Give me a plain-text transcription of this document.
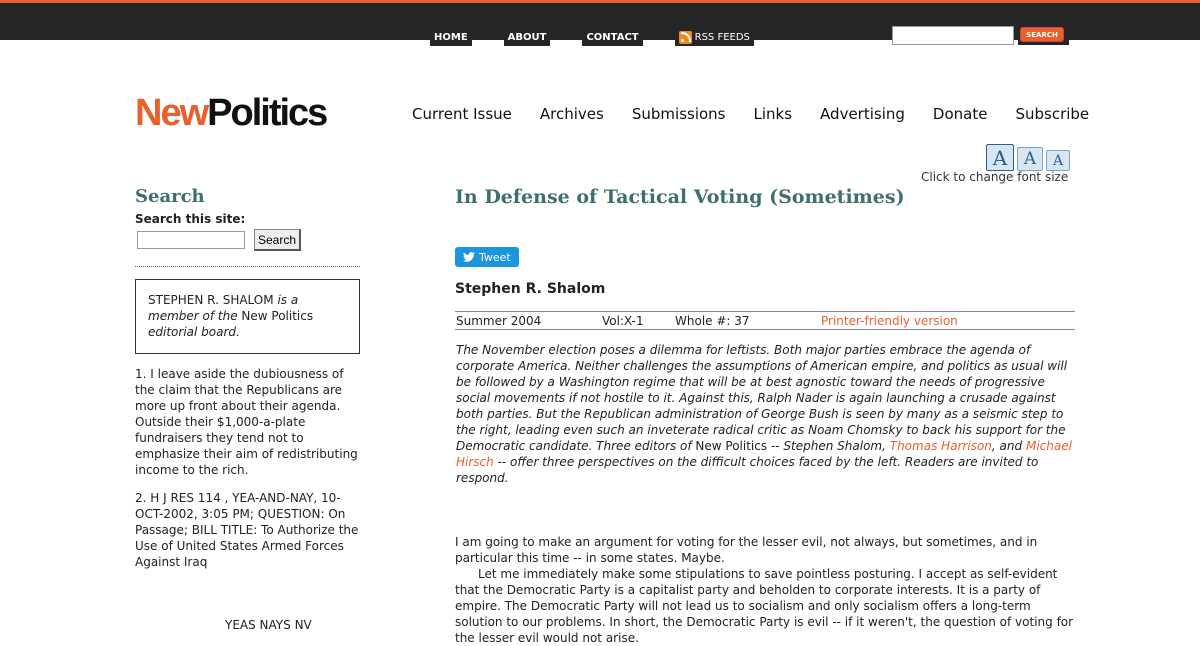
HOME	ABOUT	CONTACT	RSS FEEDS	SEARCH
NewPolitics	Current Issue Archives Submissions Links Advertising Donate Subscribe
A A	A
Click to change font size
Search
Search this site:
Search
STEPHEN R. SHALOM is a member of the New Politics editorial board.

1. I leave aside the dubiousness of the claim that the Republicans are more up front about their agenda. Outside their $1,000-a-plate fundraisers they tend not to emphasize their aim of redistributing income to the rich.

2. H J RES 114 , YEA-AND-NAY, 10-OCT-2002, 3:05 PM; QUESTION: On Passage; BILL TITLE: To Authorize the Use of United States Armed Forces Against Iraq

YEAS NAYS NV
In Defense of Tactical Voting (Sometimes)
Tweet
Stephen R. Shalom
Summer 2004	Vol:X-1	Whole #: 37	Printer-friendly version

The November election poses a dilemma for leftists. Both major parties embrace the agenda of corporate America. Neither challenges the assumptions of American empire, and politics as usual will be followed by a Washington regime that will be at best agnostic toward the needs of progressive social movements if not hostile to it. Against this, Ralph Nader is again launching a crusade against both parties. But the Republican administration of George Bush is seen by many as a seismic step to the right, leading even such an inveterate radical critic as Noam Chomsky to back his support for the Democratic candidate. Three editors of New Politics -- Stephen Shalom, Thomas Harrison, and Michael Hirsch -- offer three perspectives on the difficult choices faced by the left. Readers are invited to respond.

I am going to make an argument for voting for the lesser evil, not always, but sometimes, and in particular this time -- in some states. Maybe.

Let me immediately make some stipulations to save pointless posturing. I accept as self-evident that the Democratic Party is a capitalist party and beholden to corporate interests. It is a party of empire. The Democratic Party will not lead us to socialism and only socialism offers a long-term solution to our problems. In short, the Democratic Party is evil -- if it weren't, the question of voting for the lesser evil would not arise.
